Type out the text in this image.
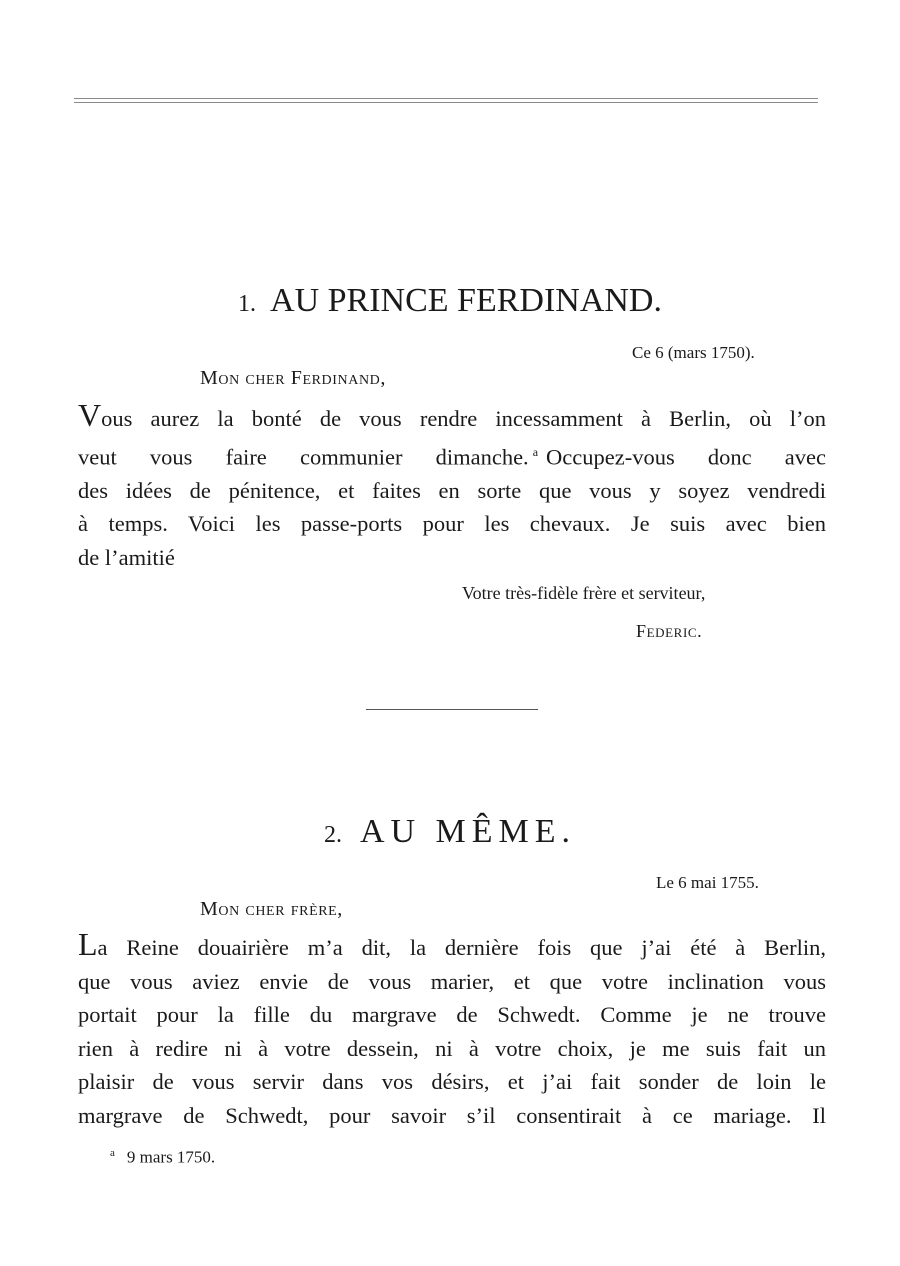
1. AU PRINCE FERDINAND.
Ce 6 (mars 1750).
Mon cher Ferdinand,
Vous aurez la bonté de vous rendre incessamment à Berlin, où l’on
veut vous faire communier dimanche. $^a$ Occupez-vous donc avec
des idées de pénitence, et faites en sorte que vous y soyez vendredi
à temps. Voici les passe-ports pour les chevaux. Je suis avec bien
de l’amitié
Votre très-fidèle frère et serviteur,
Federic.
2. AU MÊME.
Le 6 mai 1755.
Mon cher frère,
La Reine douairière m’a dit, la dernière fois que j’ai été à Berlin,
que vous aviez envie de vous marier, et que votre inclination vous
portait pour la fille du margrave de Schwedt. Comme je ne trouve
rien à redire ni à votre dessein, ni à votre choix, je me suis fait un
plaisir de vous servir dans vos désirs, et j’ai fait sonder de loin le
margrave de Schwedt, pour savoir s’il consentirait à ce mariage. Il
$^a$ 9 mars 1750.
